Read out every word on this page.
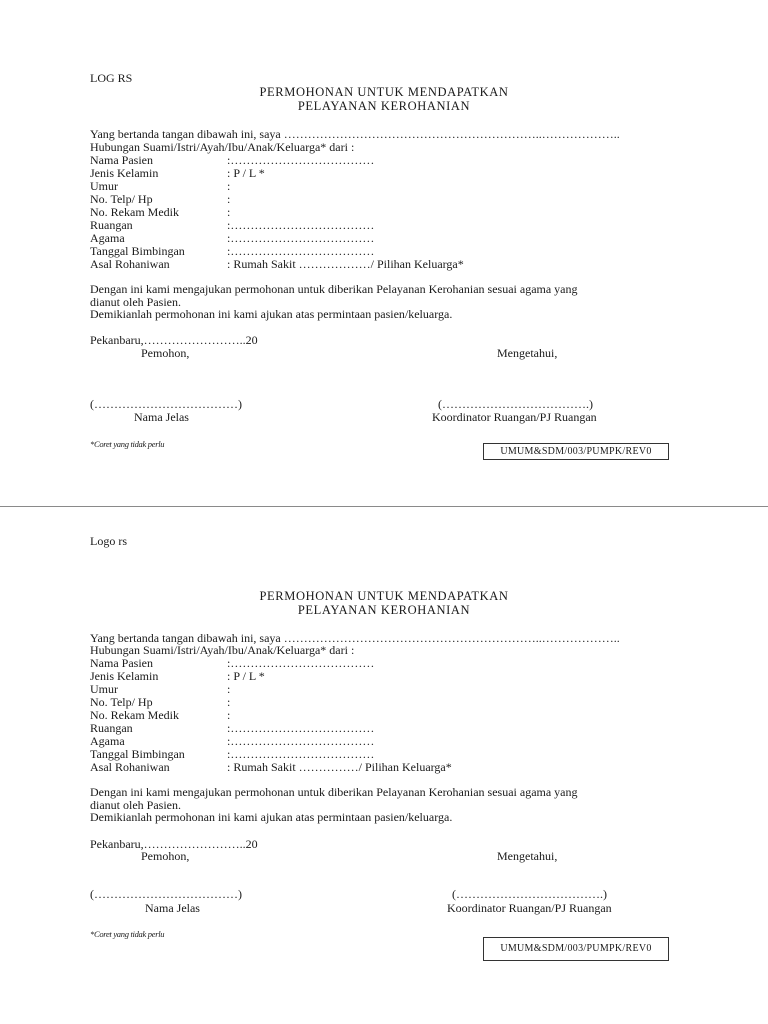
LOG RS
PERMOHONAN UNTUK MENDAPATKAN
PELAYANAN KEROHANIAN
Yang bertanda tangan dibawah ini, saya ………………………………………………………..………………..
Hubungan Suami/Istri/Ayah/Ibu/Anak/Keluarga* dari :
Nama Pasien	:………………………………
Jenis Kelamin	: P / L *
Umur	:
No. Telp/ Hp	:
No. Rekam Medik	:
Ruangan	:………………………………
Agama	:………………………………
Tanggal Bimbingan	:………………………………
Asal Rohaniwan	: Rumah Sakit ………………/ Pilihan Keluarga*
Dengan ini kami mengajukan permohonan untuk diberikan Pelayanan Kerohanian sesuai agama yang
dianut oleh Pasien.
Demikianlah permohonan ini kami ajukan atas permintaan pasien/keluarga.
Pekanbaru,……………………..20
Pemohon,	Mengetahui,
(………………………………)	(……………………………….)
Nama Jelas	Koordinator Ruangan/PJ Ruangan
*Coret yang tidak perlu
UMUM&SDM/003/PUMPK/REV0
Logo rs
PERMOHONAN UNTUK MENDAPATKAN
PELAYANAN KEROHANIAN
Yang bertanda tangan dibawah ini, saya ………………………………………………………..………………..
Hubungan Suami/Istri/Ayah/Ibu/Anak/Keluarga* dari :
Nama Pasien	:………………………………
Jenis Kelamin	: P / L *
Umur	:
No. Telp/ Hp	:
No. Rekam Medik	:
Ruangan	:………………………………
Agama	:………………………………
Tanggal Bimbingan	:………………………………
Asal Rohaniwan	: Rumah Sakit ……………/ Pilihan Keluarga*
Dengan ini kami mengajukan permohonan untuk diberikan Pelayanan Kerohanian sesuai agama yang
dianut oleh Pasien.
Demikianlah permohonan ini kami ajukan atas permintaan pasien/keluarga.
Pekanbaru,……………………..20
Pemohon,	Mengetahui,
(………………………………)	(……………………………….)
Nama Jelas	Koordinator Ruangan/PJ Ruangan
*Coret yang tidak perlu
UMUM&SDM/003/PUMPK/REV0
